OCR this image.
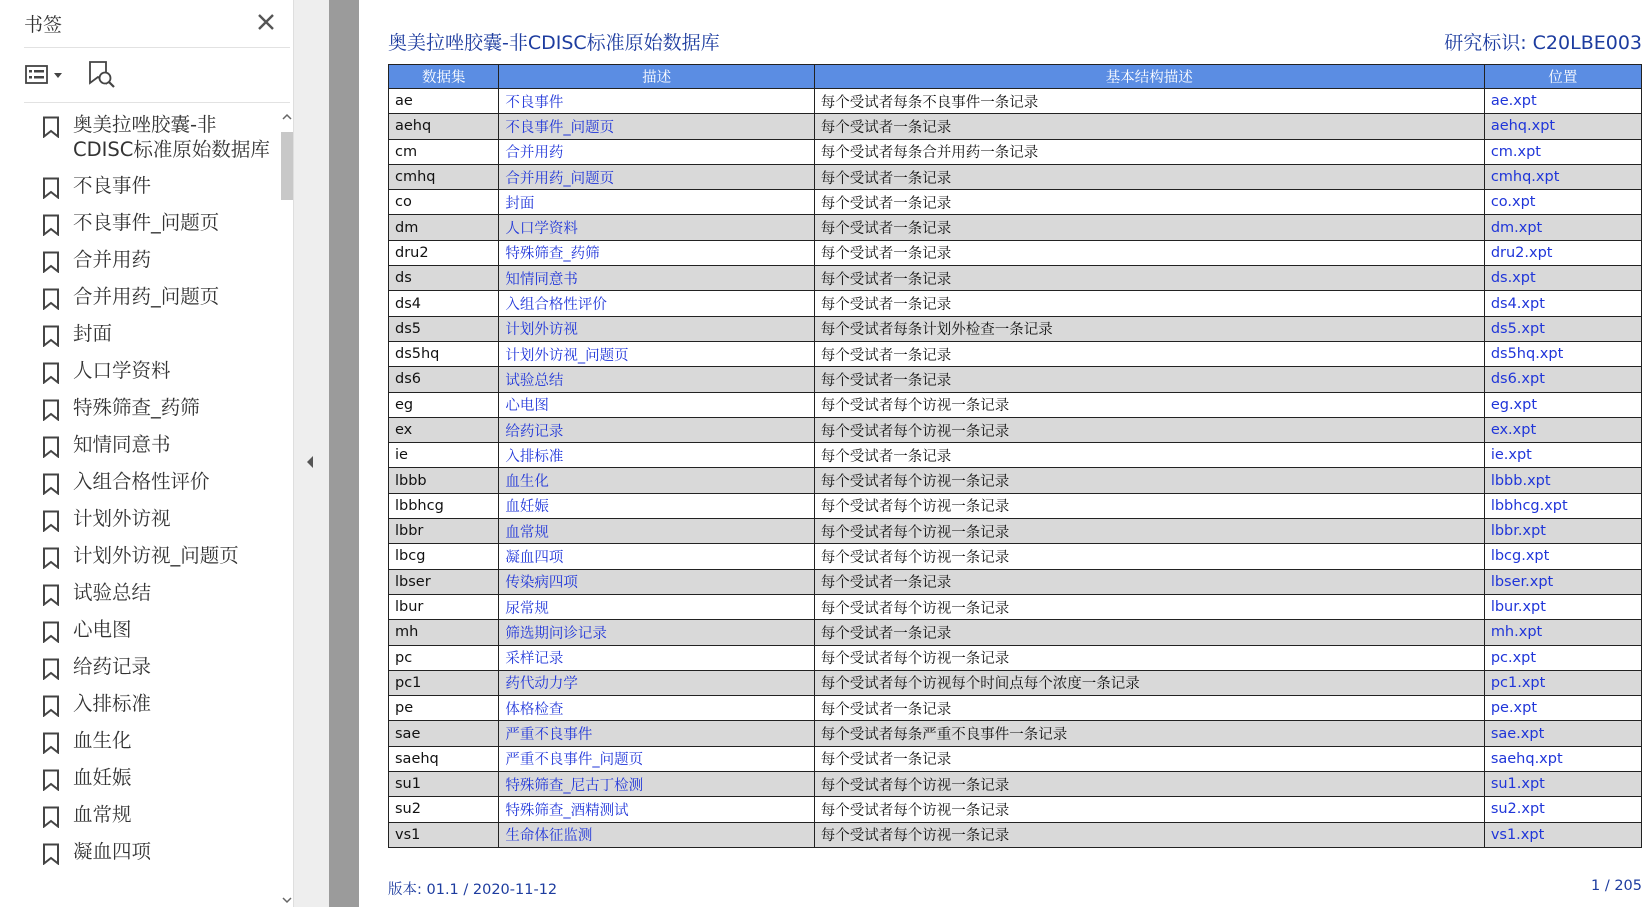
书签
奥美拉唑胶囊-非CDISC标准原始数据库
不良事件
不良事件_问题页
合并用药
合并用药_问题页
封面
人口学资料
特殊筛查_药筛
知情同意书
入组合格性评价
计划外访视
计划外访视_问题页
试验总结
心电图
给药记录
入排标准
血生化
血妊娠
血常规
凝血四项
奥美拉唑胶囊-非CDISC标准原始数据库	研究标识: C20LBE003
数据集	描述	基本结构描述	位置
ae	不良事件	每个受试者每条不良事件一条记录	ae.xpt
aehq	不良事件_问题页	每个受试者一条记录	aehq.xpt
cm	合并用药	每个受试者每条合并用药一条记录	cm.xpt
cmhq	合并用药_问题页	每个受试者一条记录	cmhq.xpt
co	封面	每个受试者一条记录	co.xpt
dm	人口学资料	每个受试者一条记录	dm.xpt
dru2	特殊筛查_药筛	每个受试者一条记录	dru2.xpt
ds	知情同意书	每个受试者一条记录	ds.xpt
ds4	入组合格性评价	每个受试者一条记录	ds4.xpt
ds5	计划外访视	每个受试者每条计划外检查一条记录	ds5.xpt
ds5hq	计划外访视_问题页	每个受试者一条记录	ds5hq.xpt
ds6	试验总结	每个受试者一条记录	ds6.xpt
eg	心电图	每个受试者每个访视一条记录	eg.xpt
ex	给药记录	每个受试者每个访视一条记录	ex.xpt
ie	入排标准	每个受试者一条记录	ie.xpt
lbbb	血生化	每个受试者每个访视一条记录	lbbb.xpt
lbbhcg	血妊娠	每个受试者每个访视一条记录	lbbhcg.xpt
lbbr	血常规	每个受试者每个访视一条记录	lbbr.xpt
lbcg	凝血四项	每个受试者每个访视一条记录	lbcg.xpt
lbser	传染病四项	每个受试者一条记录	lbser.xpt
lbur	尿常规	每个受试者每个访视一条记录	lbur.xpt
mh	筛选期问诊记录	每个受试者一条记录	mh.xpt
pc	采样记录	每个受试者每个访视一条记录	pc.xpt
pc1	药代动力学	每个受试者每个访视每个时间点每个浓度一条记录	pc1.xpt
pe	体格检查	每个受试者一条记录	pe.xpt
sae	严重不良事件	每个受试者每条严重不良事件一条记录	sae.xpt
saehq	严重不良事件_问题页	每个受试者一条记录	saehq.xpt
su1	特殊筛查_尼古丁检测	每个受试者每个访视一条记录	su1.xpt
su2	特殊筛查_酒精测试	每个受试者每个访视一条记录	su2.xpt
vs1	生命体征监测	每个受试者每个访视一条记录	vs1.xpt
版本: 01.1 / 2020-11-12	1 / 205
